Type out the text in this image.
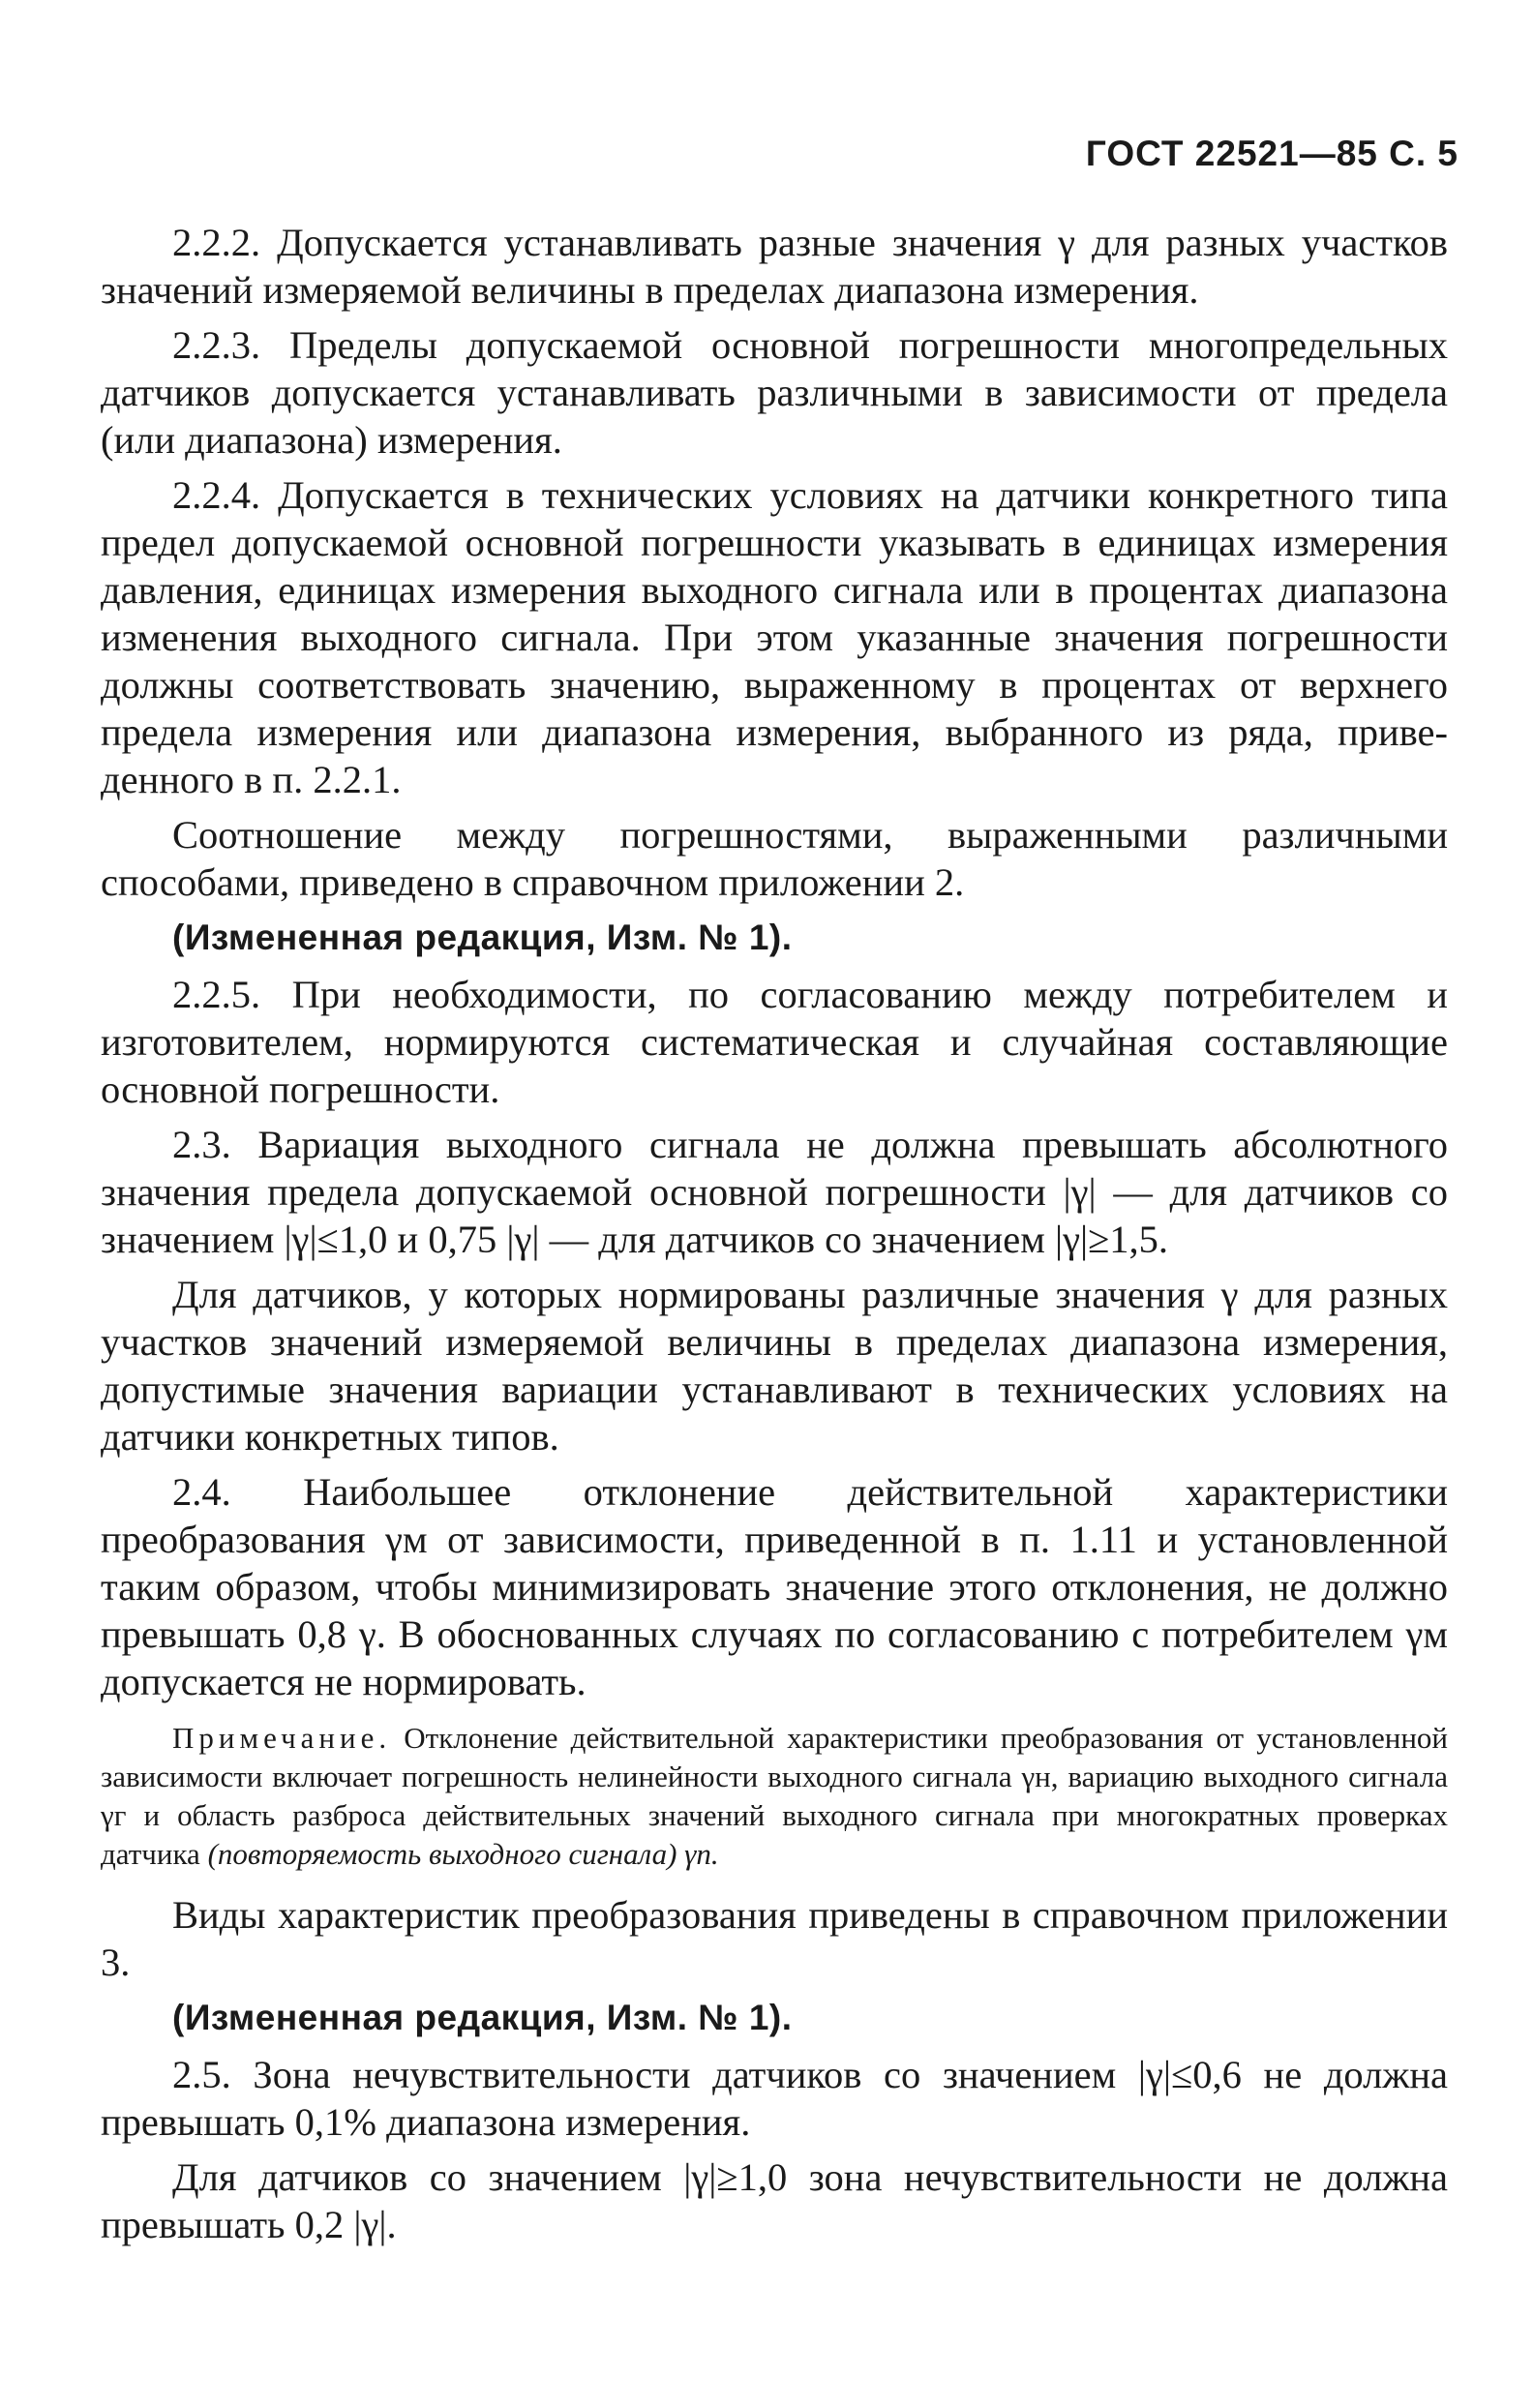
ГОСТ 22521—85 С. 5

2.2.2. Допускается устанавливать разные значения γ для разных участков значений измеряемой величины в пределах диапазона измерения.

2.2.3. Пределы допускаемой основной погрешности многопредельных датчиков допускается устанавливать различными в зависимости от предела (или диапазона) измерения.

2.2.4. Допускается в технических условиях на датчики конкретного типа предел допускаемой основной погрешности указывать в единицах измерения давления, единицах измерения выходного сигнала или в процентах диапазона изменения выходного сигнала. При этом указанные значения погрешности должны соответствовать значению, выраженному в процентах от верхнего предела измерения или диапазона измерения, выбранного из ряда, приведенного в п. 2.2.1.

Соотношение между погрешностями, выраженными различными способами, приведено в справочном приложении 2.

(Измененная редакция, Изм. № 1).

2.2.5. При необходимости, по согласованию между потребителем и изготовителем, нормируются систематическая и случайная составляющие основной погрешности.

2.3. Вариация выходного сигнала не должна превышать абсолютного значения предела допускаемой основной погрешности |γ| — для датчиков со значением |γ|≤1,0 и 0,75 |γ| — для датчиков со значением |γ|≥1,5.

Для датчиков, у которых нормированы различные значения γ для разных участков значений измеряемой величины в пределах диапазона измерения, допустимые значения вариации устанавливают в технических условиях на датчики конкретных типов.

2.4. Наибольшее отклонение действительной характеристики преобразования γм от зависимости, приведенной в п. 1.11 и установленной таким образом, чтобы минимизировать значение этого отклонения, не должно превышать 0,8 γ. В обоснованных случаях по согласованию с потребителем γм допускается не нормировать.

Примечание. Отклонение действительной характеристики преобразования от установленной зависимости включает погрешность нелинейности выходного сигнала γн, вариацию выходного сигнала γг и область разброса действительных значений выходного сигнала при многократных проверках датчика (повторяемость выходного сигнала) γп.

Виды характеристик преобразования приведены в справочном приложении 3.

(Измененная редакция, Изм. № 1).

2.5. Зона нечувствительности датчиков со значением |γ|≤0,6 не должна превышать 0,1% диапазона измерения.

Для датчиков со значением |γ|≥1,0 зона нечувствительности не должна превышать 0,2 |γ|.
